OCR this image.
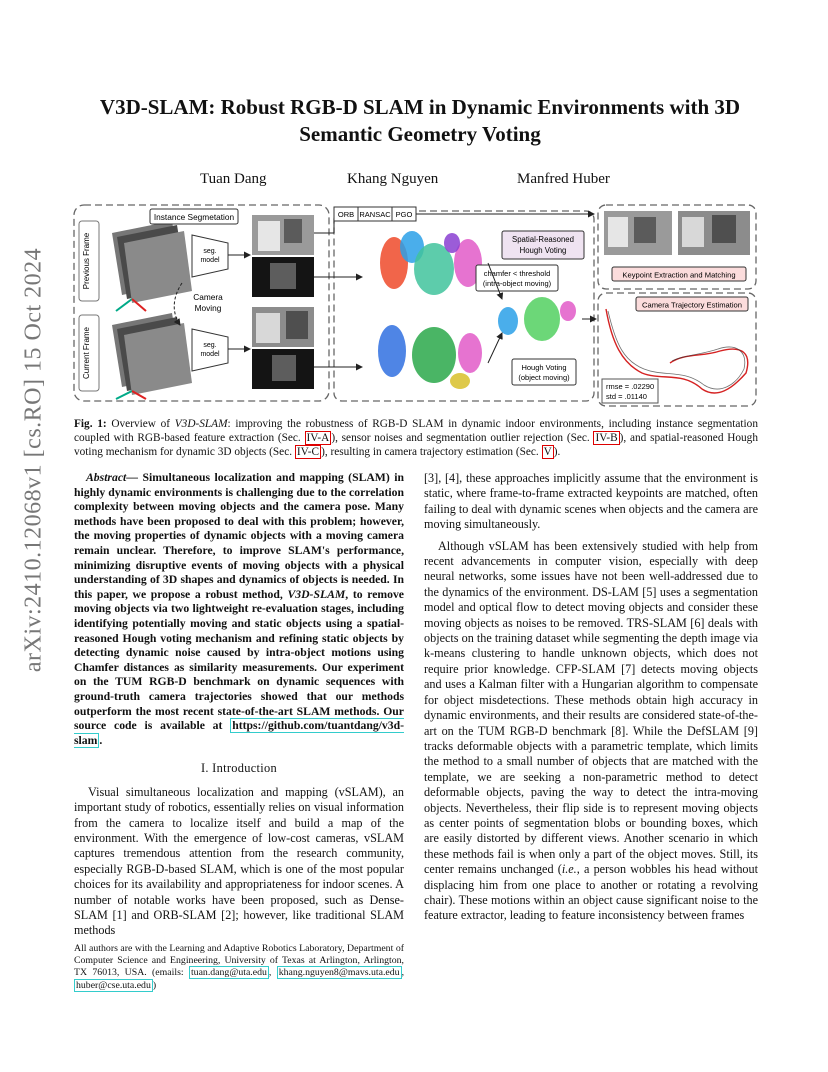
arXiv:2410.12068v1 [cs.RO] 15 Oct 2024
V3D-SLAM: Robust RGB-D SLAM in Dynamic Environments with 3D Semantic Geometry Voting
Tuan Dang	Khang Nguyen	Manfred Huber
Previous Frame
Current Frame
Instance Segmetation
seg.
model
seg.
model
Camera
Moving
ORB RANSAC PGO
Spatial-Reasoned
Hough Voting
chamfer < threshold
(intra-object moving)
Hough Voting
(object moving)
Keypoint Extraction and Matching
Camera Trajectory Estimation
rmse = .02290
std = .01140
Fig. 1: Overview of V3D-SLAM: improving the robustness of RGB-D SLAM in dynamic indoor environments, including instance segmentation coupled with RGB-based feature extraction (Sec. IV-A ), sensor noises and segmentation outlier rejection (Sec. IV-B ), and spatial-reasoned Hough voting mechanism for dynamic 3D objects (Sec. IV-C ), resulting in camera trajectory estimation (Sec. V ).

Abstract— Simultaneous localization and mapping (SLAM) in highly dynamic environments is challenging due to the correlation complexity between moving objects and the camera pose. Many methods have been proposed to deal with this problem; however, the moving properties of dynamic objects with a moving camera remain unclear. Therefore, to improve SLAM's performance, minimizing disruptive events of moving objects with a physical understanding of 3D shapes and dynamics of objects is needed. In this paper, we propose a robust method, V3D-SLAM, to remove moving objects via two lightweight re-evaluation stages, including identifying potentially moving and static objects using a spatial-reasoned Hough voting mechanism and refining static objects by detecting dynamic noise caused by intra-object motions using Chamfer distances as similarity measurements. Our experiment on the TUM RGB-D benchmark on dynamic sequences with ground-truth camera trajectories showed that our methods outperform the most recent state-of-the-art SLAM methods. Our source code is available at https://github.com/tuantdang/v3d-slam .

I. Introduction

Visual simultaneous localization and mapping (vSLAM), an important study of robotics, essentially relies on visual information from the camera to localize itself and build a map of the environment. With the emergence of low-cost cameras, vSLAM captures tremendous attention from the research community, especially RGB-D-based SLAM, which is one of the most popular choices for its availability and appropriateness for indoor scenes. A number of notable works have been proposed, such as Dense-SLAM [1] and ORB-SLAM [2]; however, like traditional SLAM methods

All authors are with the Learning and Adaptive Robotics Laboratory, Department of Computer Science and Engineering, University of Texas at Arlington, Arlington, TX 76013, USA. (emails: tuan.dang@uta.edu , khang.nguyen8@mavs.uta.edu , huber@cse.uta.edu )

[3], [4], these approaches implicitly assume that the environment is static, where frame-to-frame extracted keypoints are matched, often failing to deal with dynamic scenes when objects and the camera are moving simultaneously.

Although vSLAM has been extensively studied with help from recent advancements in computer vision, especially with deep neural networks, some issues have not been well-addressed due to the dynamics of the environment. DS-LAM [5] uses a segmentation model and optical flow to detect moving objects and consider these moving objects as noises to be removed. TRS-SLAM [6] deals with objects on the training dataset while segmenting the depth image via k-means clustering to handle unknown objects, which does not require prior knowledge. CFP-SLAM [7] detects moving objects and uses a Kalman filter with a Hungarian algorithm to compensate for object misdetections. These methods obtain high accuracy in dynamic environments, and their results are considered state-of-the-art on the TUM RGB-D benchmark [8]. While the DefSLAM [9] tracks deformable objects with a parametric template, which limits the method to a small number of objects that are matched with the template, we are seeking a non-parametric method to detect deformable objects, paving the way to detect the intra-moving objects. Nevertheless, their flip side is to represent moving objects as center points of segmentation blobs or bounding boxes, which are easily distorted by different views. Another scenario in which these methods fail is when only a part of the object moves. Still, its center remains unchanged (i.e., a person wobbles his head without displacing him from one place to another or rotating a revolving chair). These motions within an object cause significant noise to the feature extractor, leading to feature inconsistency between frames
